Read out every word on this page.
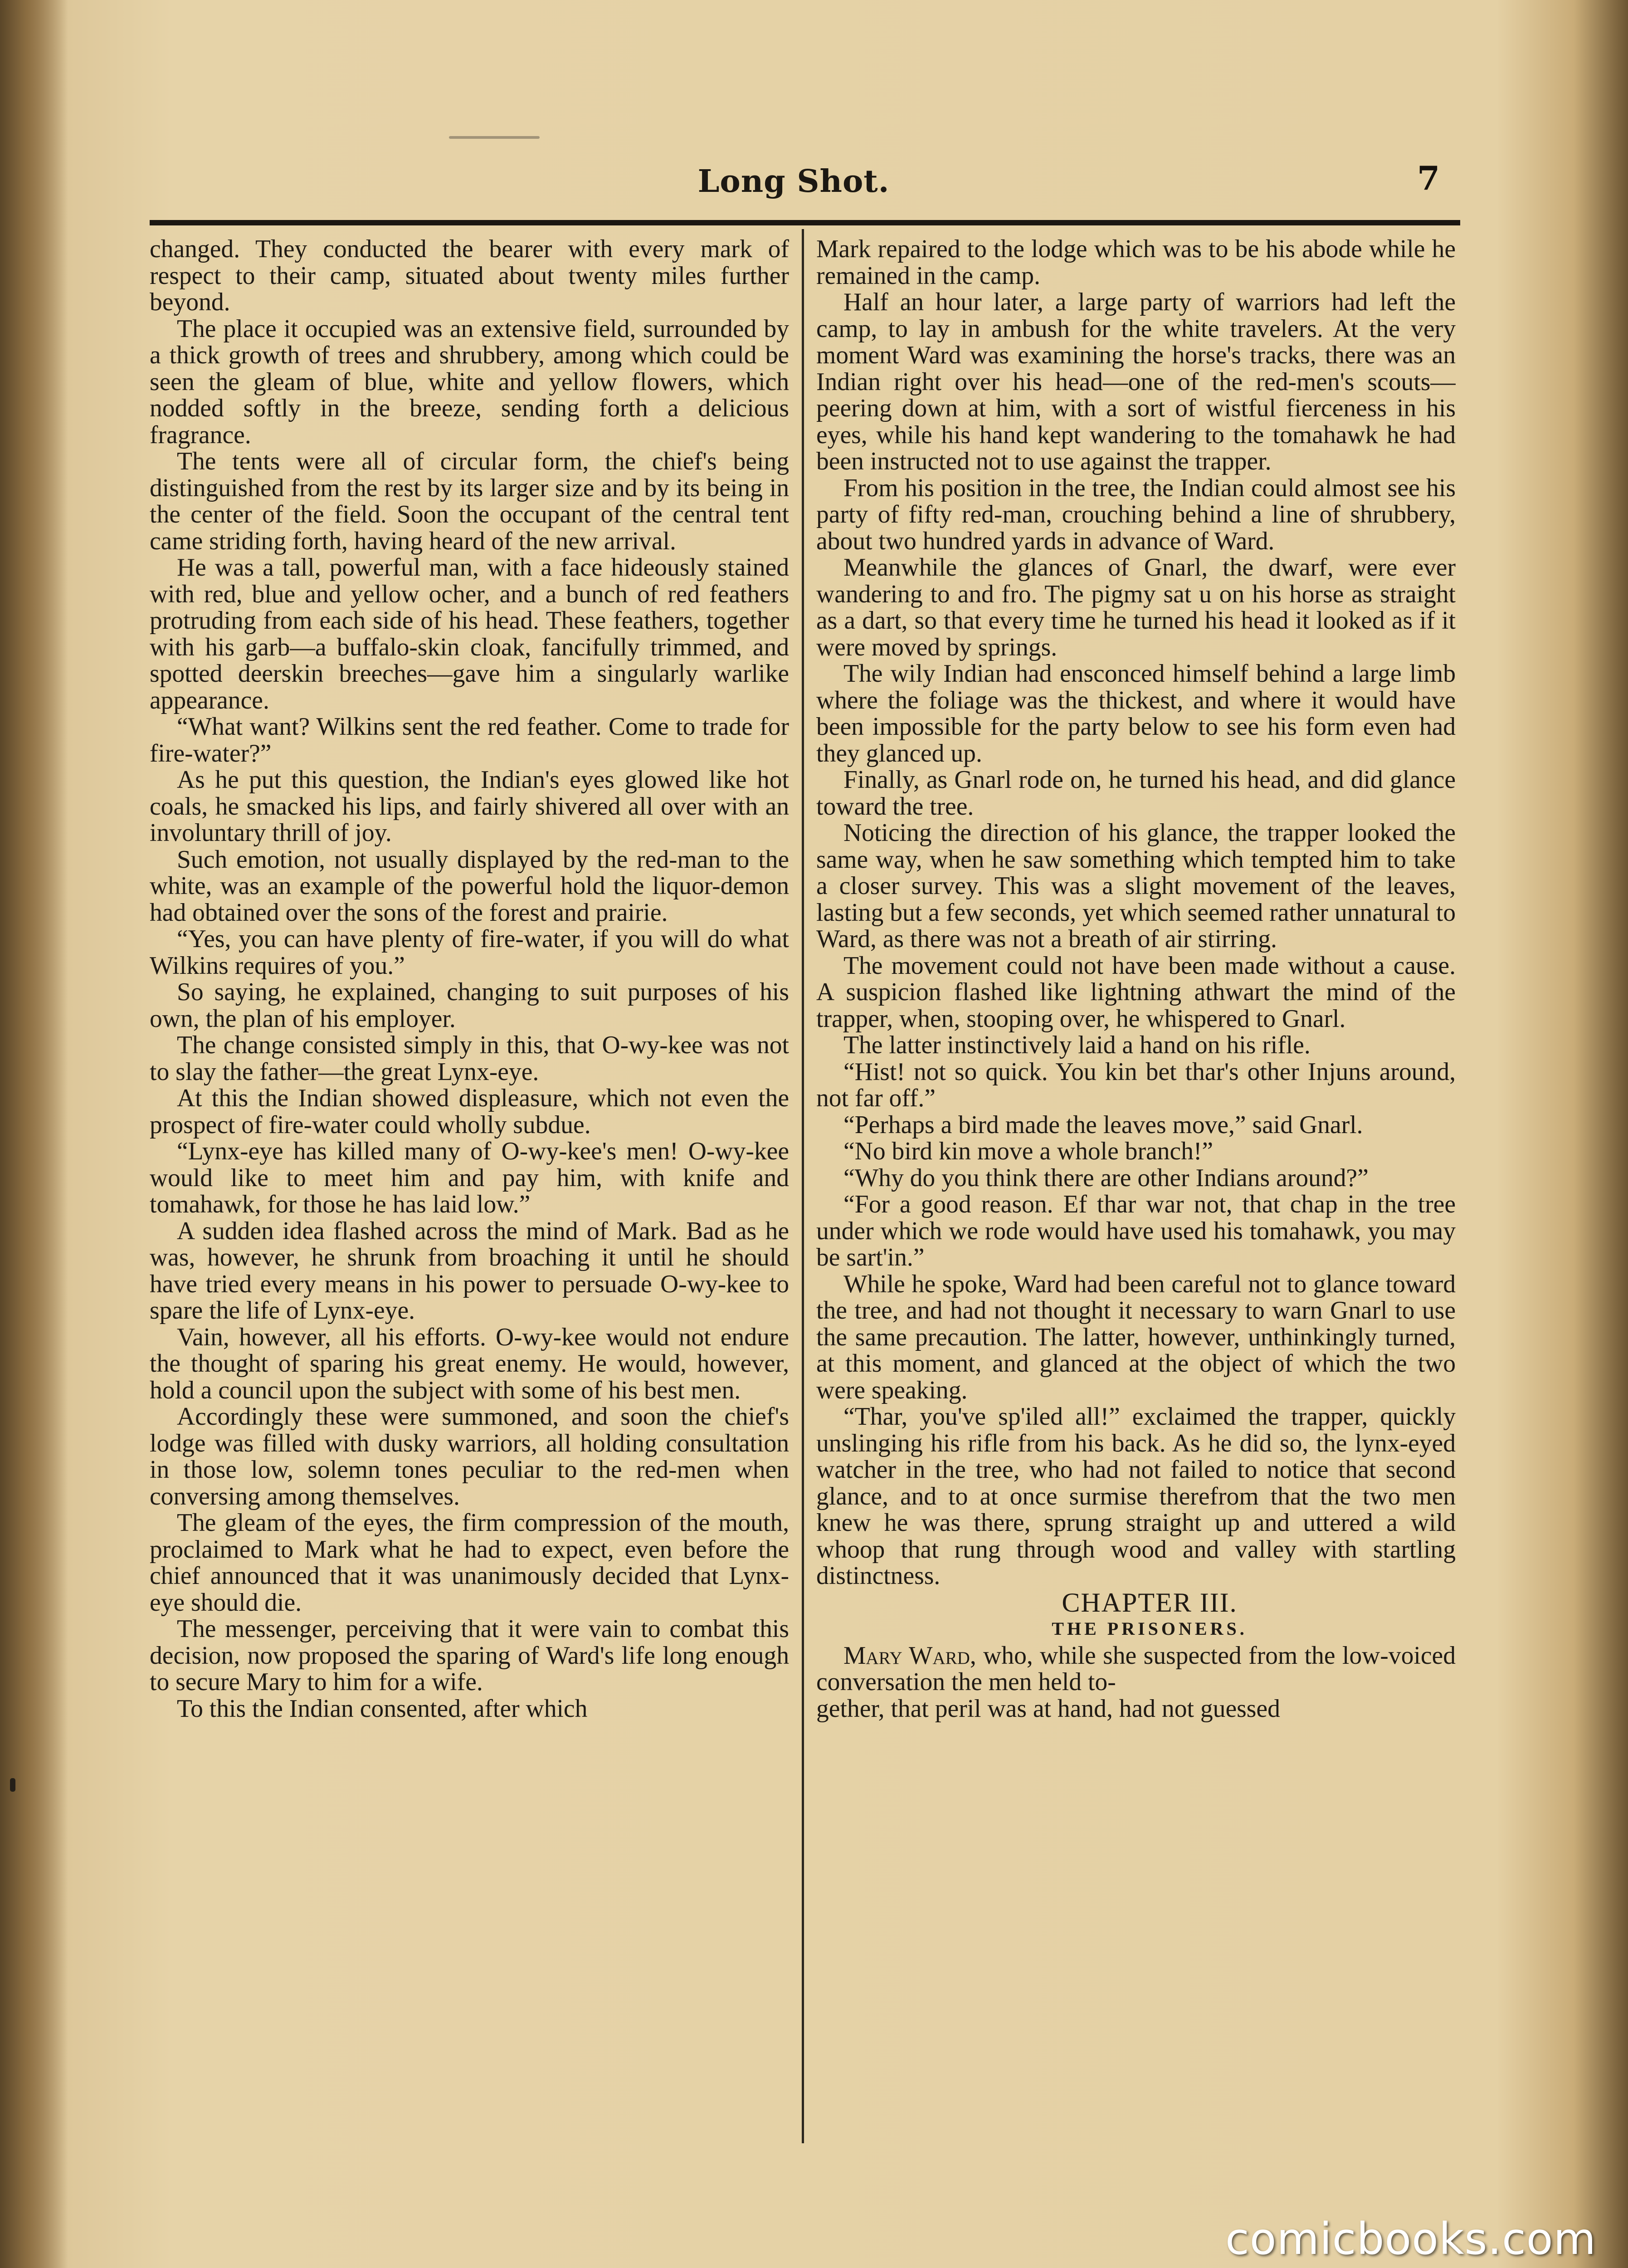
Long Shot.	7

changed. They conducted the bearer with every mark of respect to their camp, situated about twenty miles further beyond.

The place it occupied was an extensive field, surrounded by a thick growth of trees and shrubbery, among which could be seen the gleam of blue, white and yellow flowers, which nodded softly in the breeze, sending forth a delicious fragrance.

The tents were all of circular form, the chief's being distinguished from the rest by its larger size and by its being in the center of the field. Soon the occupant of the central tent came striding forth, having heard of the new arrival.

He was a tall, powerful man, with a face hideously stained with red, blue and yellow ocher, and a bunch of red feathers protruding from each side of his head. These feathers, together with his garb—a buffalo-skin cloak, fancifully trimmed, and spotted deerskin breeches—gave him a singularly warlike appearance.

“What want? Wilkins sent the red feather. Come to trade for fire-water?”

As he put this question, the Indian's eyes glowed like hot coals, he smacked his lips, and fairly shivered all over with an involuntary thrill of joy.

Such emotion, not usually displayed by the red-man to the white, was an example of the powerful hold the liquor-demon had obtained over the sons of the forest and prairie.

“Yes, you can have plenty of fire-water, if you will do what Wilkins requires of you.”

So saying, he explained, changing to suit purposes of his own, the plan of his employer.

The change consisted simply in this, that O-wy-kee was not to slay the father—the great Lynx-eye.

At this the Indian showed displeasure, which not even the prospect of fire-water could wholly subdue.

“Lynx-eye has killed many of O-wy-kee's men! O-wy-kee would like to meet him and pay him, with knife and tomahawk, for those he has laid low.”

A sudden idea flashed across the mind of Mark. Bad as he was, however, he shrunk from broaching it until he should have tried every means in his power to persuade O-wy-kee to spare the life of Lynx-eye.

Vain, however, all his efforts. O-wy-kee would not endure the thought of sparing his great enemy. He would, however, hold a council upon the subject with some of his best men.

Accordingly these were summoned, and soon the chief's lodge was filled with dusky warriors, all holding consultation in those low, solemn tones peculiar to the red-men when conversing among themselves.

The gleam of the eyes, the firm compression of the mouth, proclaimed to Mark what he had to expect, even before the chief announced that it was unanimously decided that Lynx-eye should die.

The messenger, perceiving that it were vain to combat this decision, now proposed the sparing of Ward's life long enough to secure Mary to him for a wife.

To this the Indian consented, after which

Mark repaired to the lodge which was to be his abode while he remained in the camp.

Half an hour later, a large party of warriors had left the camp, to lay in ambush for the white travelers. At the very moment Ward was examining the horse's tracks, there was an Indian right over his head—one of the red-men's scouts—peering down at him, with a sort of wistful fierceness in his eyes, while his hand kept wandering to the tomahawk he had been instructed not to use against the trapper.

From his position in the tree, the Indian could almost see his party of fifty red-man, crouching behind a line of shrubbery, about two hundred yards in advance of Ward.

Meanwhile the glances of Gnarl, the dwarf, were ever wandering to and fro. The pigmy sat u on his horse as straight as a dart, so that every time he turned his head it looked as if it were moved by springs.

The wily Indian had ensconced himself behind a large limb where the foliage was the thickest, and where it would have been impossible for the party below to see his form even had they glanced up.

Finally, as Gnarl rode on, he turned his head, and did glance toward the tree.

Noticing the direction of his glance, the trapper looked the same way, when he saw something which tempted him to take a closer survey. This was a slight movement of the leaves, lasting but a few seconds, yet which seemed rather unnatural to Ward, as there was not a breath of air stirring.

The movement could not have been made without a cause. A suspicion flashed like lightning athwart the mind of the trapper, when, stooping over, he whispered to Gnarl.

The latter instinctively laid a hand on his rifle.

“Hist! not so quick. You kin bet thar's other Injuns around, not far off.”

“Perhaps a bird made the leaves move,” said Gnarl.

“No bird kin move a whole branch!”

“Why do you think there are other Indians around?”

“For a good reason. Ef thar war not, that chap in the tree under which we rode would have used his tomahawk, you may be sart'in.”

While he spoke, Ward had been careful not to glance toward the tree, and had not thought it necessary to warn Gnarl to use the same precaution. The latter, however, unthinkingly turned, at this moment, and glanced at the object of which the two were speaking.

“Thar, you've sp'iled all!” exclaimed the trapper, quickly unslinging his rifle from his back. As he did so, the lynx-eyed watcher in the tree, who had not failed to notice that second glance, and to at once surmise therefrom that the two men knew he was there, sprung straight up and uttered a wild whoop that rung through wood and valley with startling distinctness.

CHAPTER III.

THE PRISONERS.

Mary Ward, who, while she suspected from the low-voiced conversation the men held to-

gether, that peril was at hand, had not guessed

comicbooks.com
